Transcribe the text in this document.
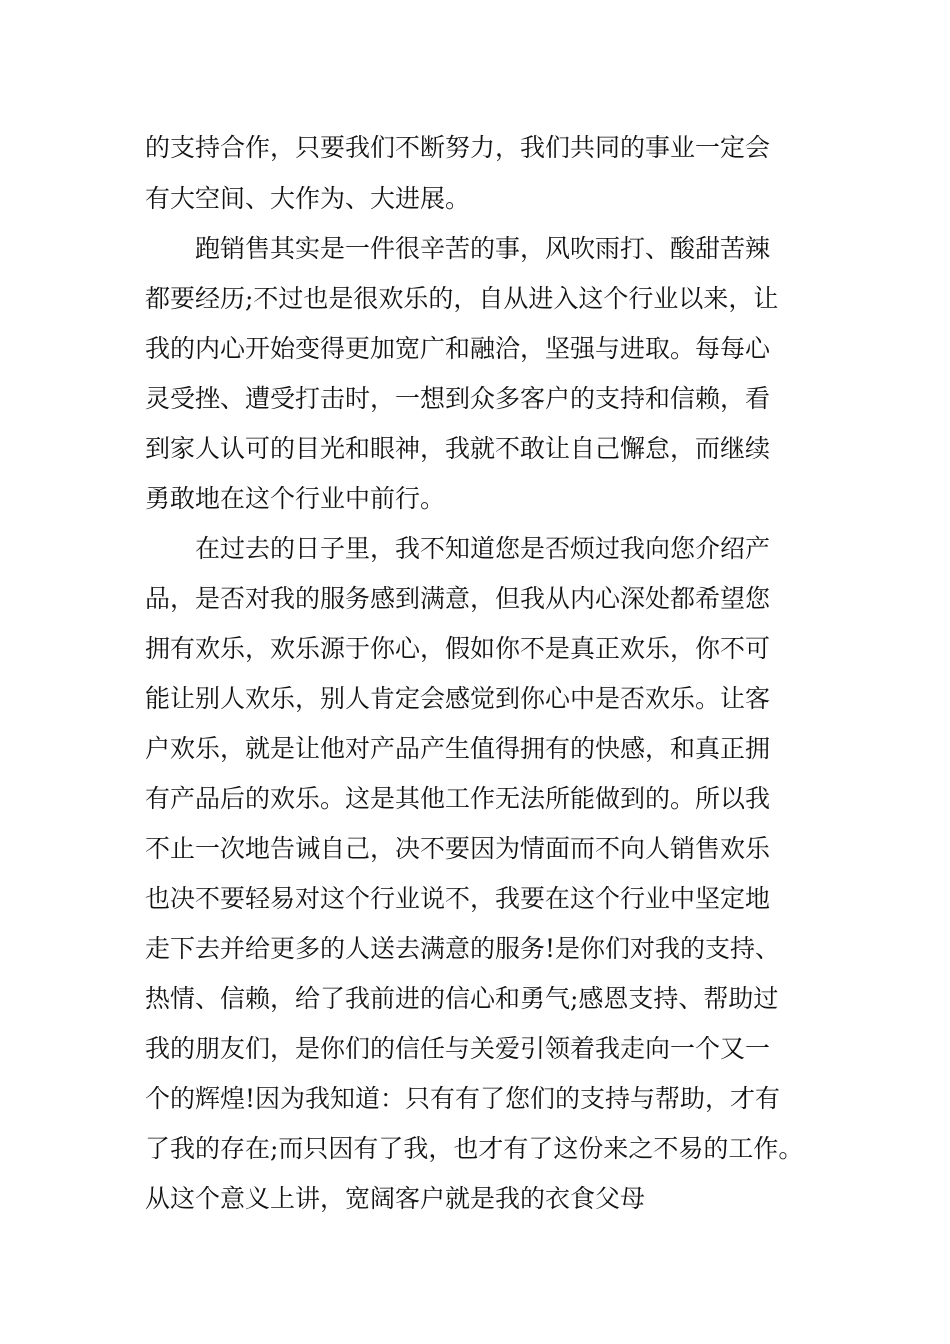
的支持合作，只要我们不断努力，我们共同的事业一定会
有大空间、大作为、大进展。
　　跑销售其实是一件很辛苦的事，风吹雨打、酸甜苦辣
都要经历;不过也是很欢乐的，自从进入这个行业以来，让
我的内心开始变得更加宽广和融洽，坚强与进取。每每心
灵受挫、遭受打击时，一想到众多客户的支持和信赖，看
到家人认可的目光和眼神，我就不敢让自己懈怠，而继续
勇敢地在这个行业中前行。
　　在过去的日子里，我不知道您是否烦过我向您介绍产
品，是否对我的服务感到满意，但我从内心深处都希望您
拥有欢乐，欢乐源于你心，假如你不是真正欢乐，你不可
能让别人欢乐，别人肯定会感觉到你心中是否欢乐。让客
户欢乐，就是让他对产品产生值得拥有的快感，和真正拥
有产品后的欢乐。这是其他工作无法所能做到的。所以我
不止一次地告诫自己，决不要因为情面而不向人销售欢乐
也决不要轻易对这个行业说不，我要在这个行业中坚定地
走下去并给更多的人送去满意的服务!是你们对我的支持、
热情、信赖，给了我前进的信心和勇气;感恩支持、帮助过
我的朋友们，是你们的信任与关爱引领着我走向一个又一
个的辉煌!因为我知道：只有有了您们的支持与帮助，才有
了我的存在;而只因有了我，也才有了这份来之不易的工作。
从这个意义上讲，宽阔客户就是我的衣食父母
